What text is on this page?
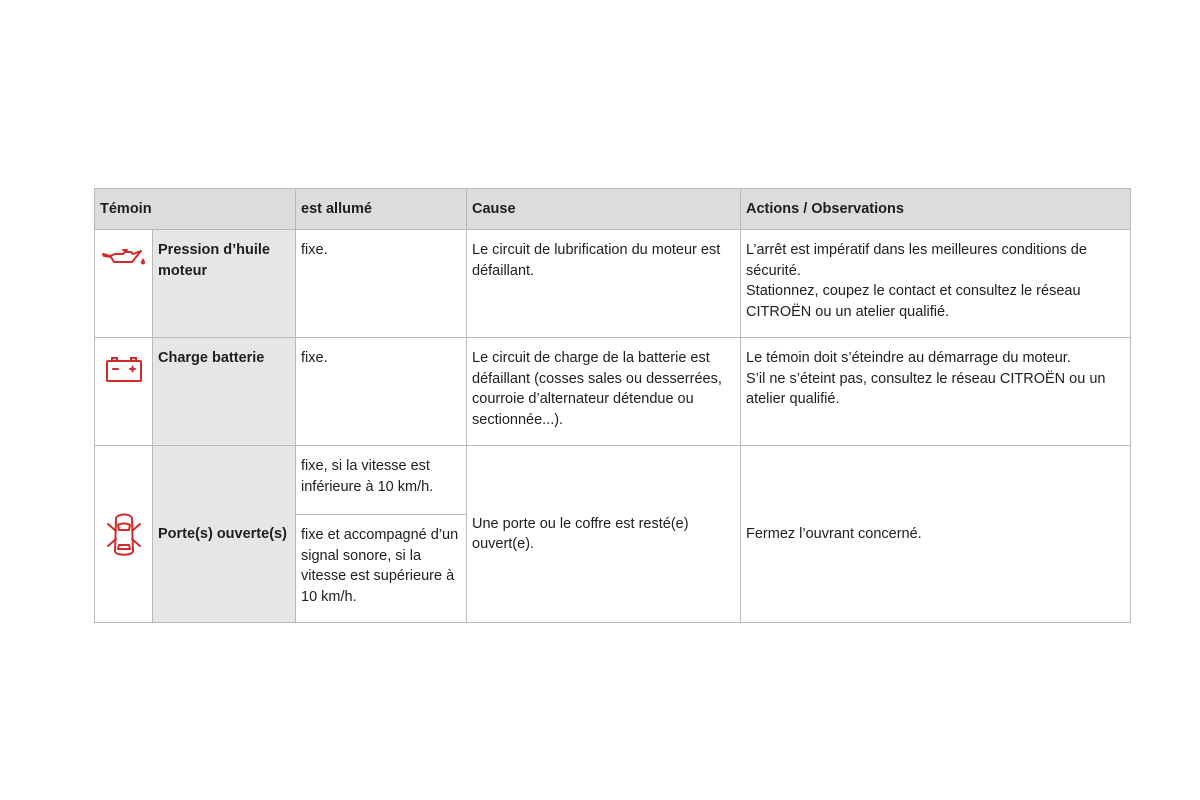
Témoin		est allumé	Cause	Actions / Observations

	Pression d’huile moteur	fixe.	Le circuit de lubrification du moteur est défaillant.	L’arrêt est impératif dans les meilleures conditions de sécurité.
Stationnez, coupez le contact et consultez le réseau CITROËN ou un atelier qualifié.

	Charge batterie	fixe.	Le circuit de charge de la batterie est défaillant (cosses sales ou desserrées, courroie d’alternateur détendue ou sectionnée...).	Le témoin doit s’éteindre au démarrage du moteur.
S’il ne s’éteint pas, consultez le réseau CITROËN ou un atelier qualifié.

	Porte(s) ouverte(s)	fixe, si la vitesse est inférieure à 10 km/h.	Une porte ou le coffre est resté(e) ouvert(e).	Fermez l’ouvrant concerné.
		fixe et accompagné d’un signal sonore, si la vitesse est supérieure à 10 km/h.		
